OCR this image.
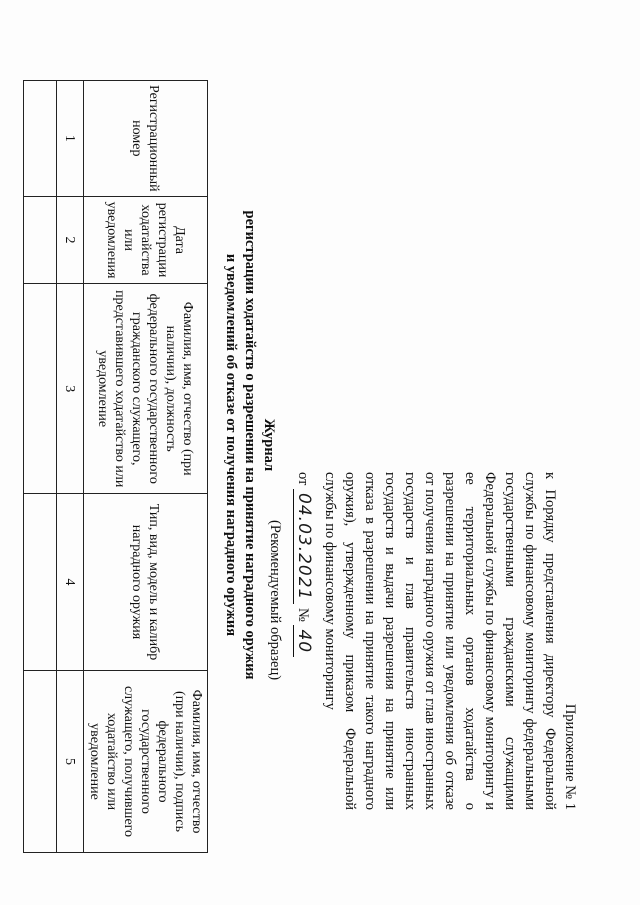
Приложение № 1
к Порядку представления директору Федеральной службы по финансовому мониторингу федеральными государственными гражданскими служащими Федеральной службы по финансовому мониторингу и ее территориальных органов ходатайства о разрешении на принятие или уведомления об отказе от получения наградного оружия от глав иностранных государств и глав правительств иностранных государств и выдачи разрешения на принятие или отказа в разрешении на принятие такого наградного оружия), утвержденному приказом Федеральной службы по финансовому мониторингу
от 04.03.2021 № 40
(Рекомендуемый образец)
Журнал
регистрации ходатайств о разрешении на принятие наградного оружия
и уведомлений об отказе от получения наградного оружия
Регистрационный номер	Дата регистрации ходатайства или уведомления	Фамилия, имя, отчество (при наличии), должность федерального государственного гражданского служащего, представившего ходатайство или уведомление	Тип, вид, модель и калибр наградного оружия	Фамилия, имя, отчество (при наличии), подпись федерального государственного служащего, получившего ходатайство или уведомление
1	2	3	4	5
